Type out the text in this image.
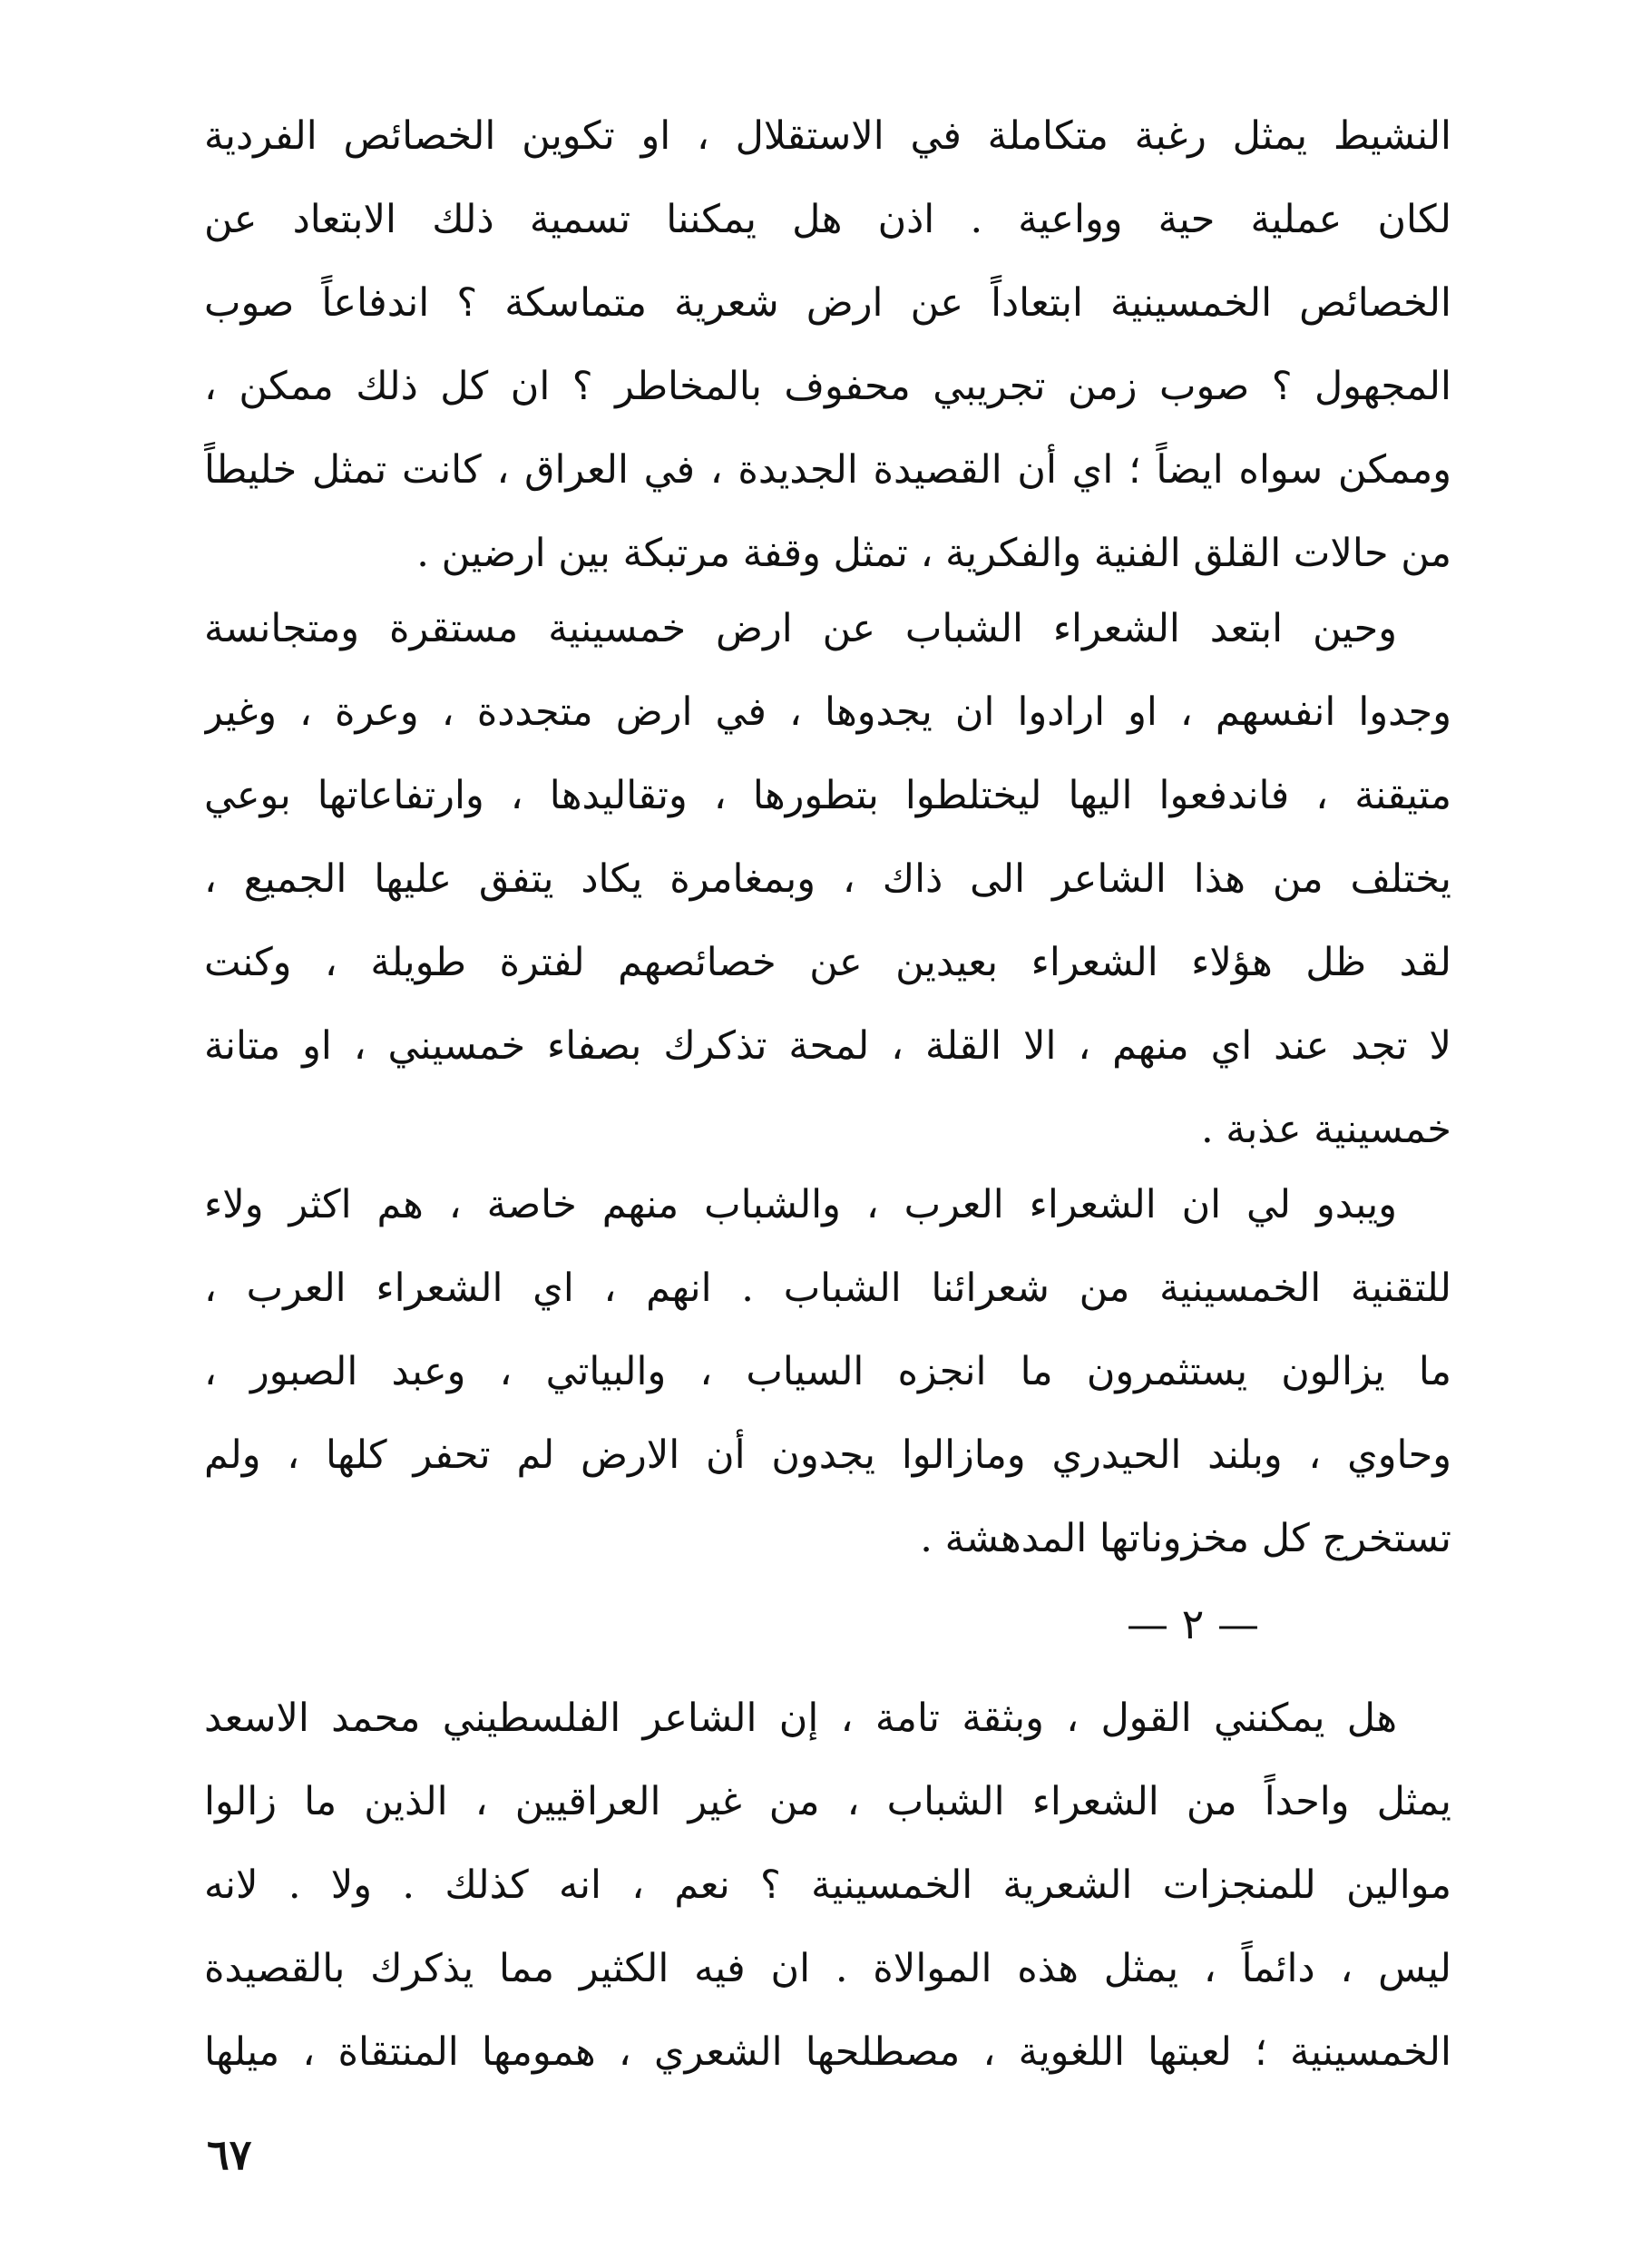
النشيط يمثل رغبة متكاملة في الاستقلال ، او تكوين الخصائص الفردية
لكان عملية حية وواعية . اذن هل يمكننا تسمية ذلك الابتعاد عن
الخصائص الخمسينية ابتعاداً عن ارض شعرية متماسكة ؟ اندفاعاً صوب
المجهول ؟ صوب زمن تجريبي محفوف بالمخاطر ؟ ان كل ذلك ممكن ،
وممكن سواه ايضاً ؛ اي أن القصيدة الجديدة ، في العراق ، كانت تمثل خليطاً
من حالات القلق الفنية والفكرية ، تمثل وقفة مرتبكة بين ارضين .
وحين ابتعد الشعراء الشباب عن ارض خمسينية مستقرة ومتجانسة
وجدوا انفسهم ، او ارادوا ان يجدوها ، في ارض متجددة ، وعرة ، وغير
متيقنة ، فاندفعوا اليها ليختلطوا بتطورها ، وتقاليدها ، وارتفاعاتها بوعي
يختلف من هذا الشاعر الى ذاك ، وبمغامرة يكاد يتفق عليها الجميع ،
لقد ظل هؤلاء الشعراء بعيدين عن خصائصهم لفترة طويلة ، وكنت
لا تجد عند اي منهم ، الا القلة ، لمحة تذكرك بصفاء خمسيني ، او متانة
خمسينية عذبة .
ويبدو لي ان الشعراء العرب ، والشباب منهم خاصة ، هم اكثر ولاء
للتقنية الخمسينية من شعرائنا الشباب . انهم ، اي الشعراء العرب ،
ما يزالون يستثمرون ما انجزه السياب ، والبياتي ، وعبد الصبور ،
وحاوي ، وبلند الحيدري ومازالوا يجدون أن الارض لم تحفر كلها ، ولم
تستخرج كل مخزوناتها المدهشة .
— ٢ —
هل يمكنني القول ، وبثقة تامة ، إن الشاعر الفلسطيني محمد الاسعد
يمثل واحداً من الشعراء الشباب ، من غير العراقيين ، الذين ما زالوا
موالين للمنجزات الشعرية الخمسينية ؟ نعم ، انه كذلك . ولا . لانه
ليس ، دائماً ، يمثل هذه الموالاة . ان فيه الكثير مما يذكرك بالقصيدة
الخمسينية ؛ لعبتها اللغوية ، مصطلحها الشعري ، همومها المنتقاة ، ميلها
٦٧
